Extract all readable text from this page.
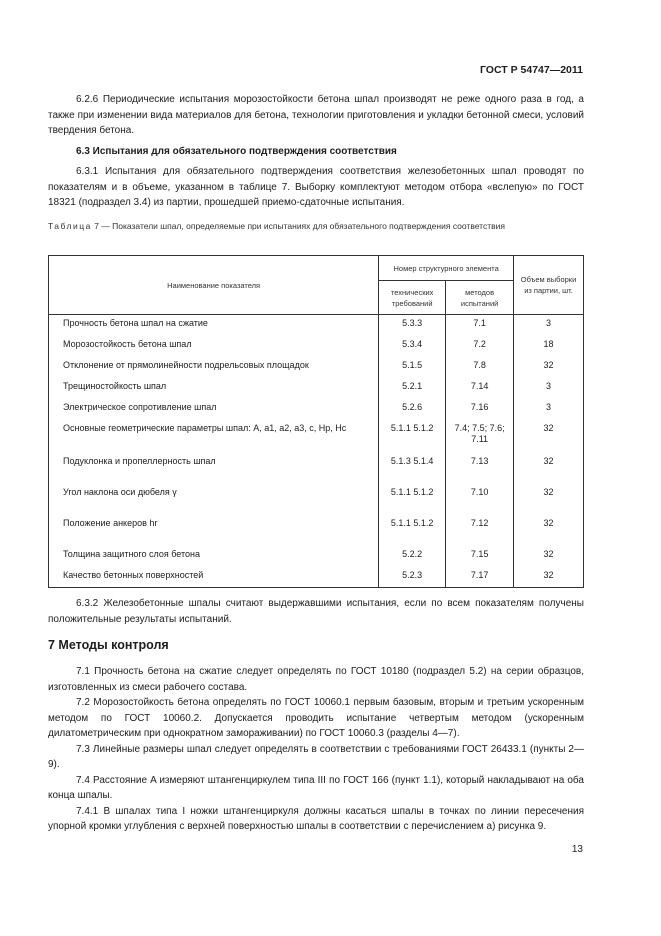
ГОСТ Р 54747—2011

6.2.6 Периодические испытания морозостойкости бетона шпал производят не реже одного раза в год, а также при изменении вида материалов для бетона, технологии приготовления и укладки бетонной смеси, условий твердения бетона.

6.3 Испытания для обязательного подтверждения соответствия

6.3.1 Испытания для обязательного подтверждения соответствия железобетонных шпал проводят по показателям и в объеме, указанном в таблице 7. Выборку комплектуют методом отбора «вслепую» по ГОСТ 18321 (подраздел 3.4) из партии, прошедшей приемо-сдаточные испытания.

Таблица 7 — Показатели шпал, определяемые при испытаниях для обязательного подтверждения соответствия
Наименование показателя	Номер структурного элемента		Объем выборки из партии, шт.
	технических требований	методов испытаний	
Прочность бетона шпал на сжатие	5.3.3	7.1	3
Морозостойкость бетона шпал	5.3.4	7.2	18
Отклонение от прямолинейности подрельсовых площадок	5.1.5	7.8	32
Трещиностойкость шпал	5.2.1	7.14	3
Электрическое сопротивление шпал	5.2.6	7.16	3
Основные геометрические параметры шпал: A, a1, a2, a3, c, Hp, Hc	5.1.1 5.1.2	7.4; 7.5; 7.6; 7.11	32
Подуклонка и пропеллерность шпал	5.1.3 5.1.4	7.13	32
Угол наклона оси дюбеля γ	5.1.1 5.1.2	7.10	32
Положение анкеров hr	5.1.1 5.1.2	7.12	32
Толщина защитного слоя бетона	5.2.2	7.15	32
Качество бетонных поверхностей	5.2.3	7.17	32

6.3.2 Железобетонные шпалы считают выдержавшими испытания, если по всем показателям получены положительные результаты испытаний.

7 Методы контроля

7.1 Прочность бетона на сжатие следует определять по ГОСТ 10180 (подраздел 5.2) на серии образцов, изготовленных из смеси рабочего состава.

7.2 Морозостойкость бетона определять по ГОСТ 10060.1 первым базовым, вторым и третьим ускоренным методом по ГОСТ 10060.2. Допускается проводить испытание четвертым методом (ускоренным дилатометрическим при однократном замораживании) по ГОСТ 10060.3 (разделы 4—7).

7.3 Линейные размеры шпал следует определять в соответствии с требованиями ГОСТ 26433.1 (пункты 2—9).

7.4 Расстояние A измеряют штангенциркулем типа III по ГОСТ 166 (пункт 1.1), который накладывают на оба конца шпалы.

7.4.1 В шпалах типа I ножки штангенциркуля должны касаться шпалы в точках по линии пересечения упорной кромки углубления с верхней поверхностью шпалы в соответствии с перечислением а) рисунка 9.

13
